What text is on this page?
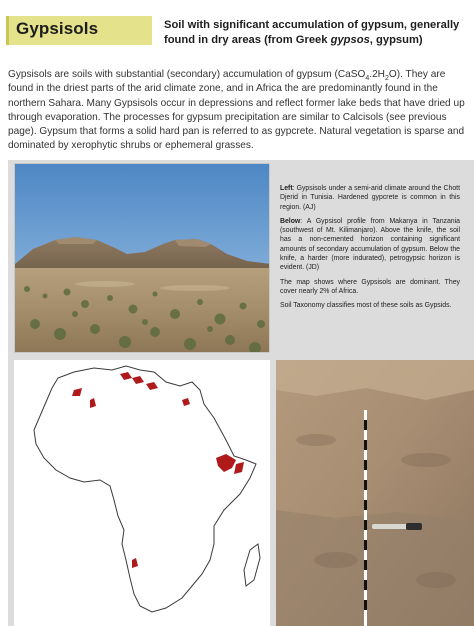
Gypsisols	Soil with significant accumulation of gypsum, generally found in dry areas (from Greek gypsos, gypsum)

Gypsisols are soils with substantial (secondary) accumulation of gypsum $(CaSO_4.2H_2O)$. They are found in the driest parts of the arid climate zone, and in Africa the are predominantly found in the northern Sahara. Many Gypsisols occur in depressions and reflect former lake beds that have dried up through evaporation. The processes for gypsum precipitation are similar to Calcisols (see previous page). Gypsum that forms a solid hard pan is referred to as gypcrete. Natural vegetation is sparse and dominated by xerophytic shrubs or ephemeral grasses.

Left: Gypsisols under a semi-arid climate around the Chott Djerid in Tunisia. Hardened gypcrete is common in this region. (AJ)

Below: A Gypsisol profile from Makanya in Tanzania (southwest of Mt. Kilimanjaro). Above the knife, the soil has a non-cemented horizon containing significant amounts of secondary accumulation of gypsum. Below the knife, a harder (more indurated), petrogypsic horizon is evident. (JD)

The map shows where Gypsisols are dominant. They cover nearly 2% of Africa.

Soil Taxonomy classifies most of these soils as Gypsids.
